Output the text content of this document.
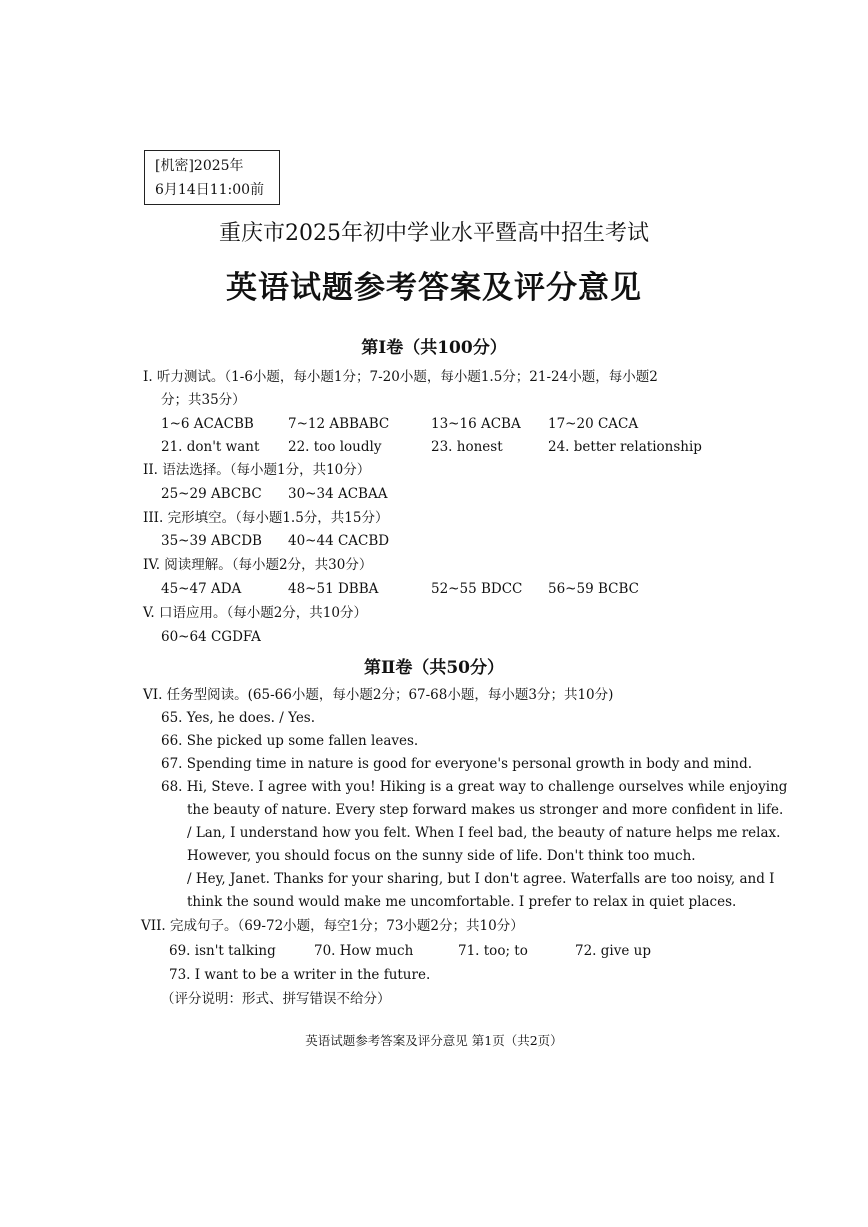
[机密]2025年
6月14日11:00前
重庆市2025年初中学业水平暨高中招生考试
英语试题参考答案及评分意见
第Ⅰ卷（共100分）
I. 听力测试。（1-6小题，每小题1分；7-20小题，每小题1.5分；21-24小题，每小题2
分；共35分）
1~6 ACACBB	7~12 ABBABC	13~16 ACBA 17~20 CACA
21. don't want 22. too loudly	23. honest	24. better relationship
II. 语法选择。（每小题1分，共10分）
25~29 ABCBC 30~34 ACBAA
III. 完形填空。（每小题1.5分，共15分）
35~39 ABCDB 40~44 CACBD
IV. 阅读理解。（每小题2分，共30分）
45~47 ADA	48~51 DBBA	52~55 BDCC 56~59 BCBC
V. 口语应用。（每小题2分，共10分）
60~64 CGDFA
第Ⅱ卷（共50分）
VI. 任务型阅读。(65-66小题，每小题2分；67-68小题，每小题3分；共10分)
65. Yes, he does. / Yes.
66. She picked up some fallen leaves.
67. Spending time in nature is good for everyone's personal growth in body and mind.
68. Hi, Steve. I agree with you! Hiking is a great way to challenge ourselves while enjoying
the beauty of nature. Every step forward makes us stronger and more confident in life.
/ Lan, I understand how you felt. When I feel bad, the beauty of nature helps me relax.
However, you should focus on the sunny side of life. Don't think too much.
/ Hey, Janet. Thanks for your sharing, but I don't agree. Waterfalls are too noisy, and I
think the sound would make me uncomfortable. I prefer to relax in quiet places.
VII. 完成句子。（69-72小题，每空1分；73小题2分；共10分）
69. isn't talking	70. How much	71. too; to	72. give up
73. I want to be a writer in the future.
（评分说明：形式、拼写错误不给分）
英语试题参考答案及评分意见 第1页（共2页）
